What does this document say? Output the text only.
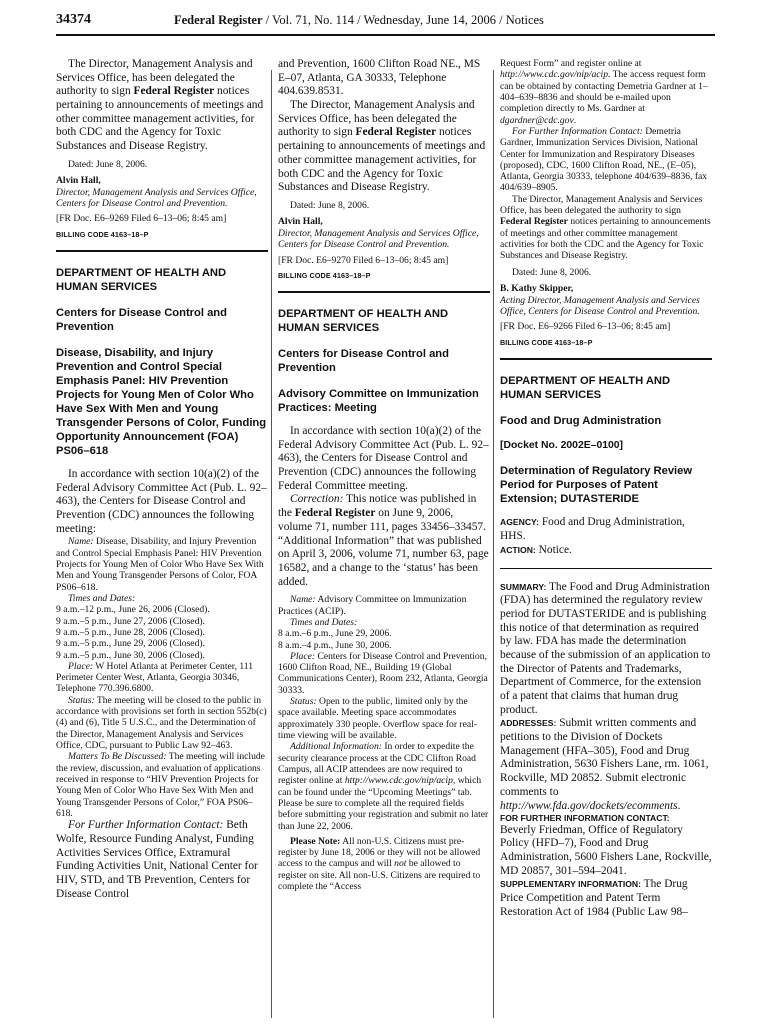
34374	Federal Register / Vol. 71, No. 114 / Wednesday, June 14, 2006 / Notices

The Director, Management Analysis and Services Office, has been delegated the authority to sign Federal Register notices pertaining to announcements of meetings and other committee management activities, for both CDC and the Agency for Toxic Substances and Disease Registry.

Dated: June 8, 2006.

Alvin Hall,

Director, Management Analysis and Services Office, Centers for Disease Control and Prevention.

[FR Doc. E6–9269 Filed 6–13–06; 8:45 am]

BILLING CODE 4163–18–P

DEPARTMENT OF HEALTH AND HUMAN SERVICES

Centers for Disease Control and Prevention

Disease, Disability, and Injury Prevention and Control Special Emphasis Panel: HIV Prevention Projects for Young Men of Color Who Have Sex With Men and Young Transgender Persons of Color, Funding Opportunity Announcement (FOA) PS06–618

In accordance with section 10(a)(2) of the Federal Advisory Committee Act (Pub. L. 92–463), the Centers for Disease Control and Prevention (CDC) announces the following meeting:

Name: Disease, Disability, and Injury Prevention and Control Special Emphasis Panel: HIV Prevention Projects for Young Men of Color Who Have Sex With Men and Young Transgender Persons of Color, FOA PS06–618.

Times and Dates:

9 a.m.–12 p.m., June 26, 2006 (Closed).

9 a.m.–5 p.m., June 27, 2006 (Closed).

9 a.m.–5 p.m., June 28, 2006 (Closed).

9 a.m.–5 p.m., June 29, 2006 (Closed).

9 a.m.–5 p.m., June 30, 2006 (Closed).

Place: W Hotel Atlanta at Perimeter Center, 111 Perimeter Center West, Atlanta, Georgia 30346, Telephone 770.396.6800.

Status: The meeting will be closed to the public in accordance with provisions set forth in section 552b(c)(4) and (6), Title 5 U.S.C., and the Determination of the Director, Management Analysis and Services Office, CDC, pursuant to Public Law 92–463.

Matters To Be Discussed: The meeting will include the review, discussion, and evaluation of applications received in response to “HIV Prevention Projects for Young Men of Color Who Have Sex With Men and Young Transgender Persons of Color,” FOA PS06–618.

For Further Information Contact: Beth Wolfe, Resource Funding Analyst, Funding Activities Services Office, Extramural Funding Activities Unit, National Center for HIV, STD, and TB Prevention, Centers for Disease Control

and Prevention, 1600 Clifton Road NE., MS E–07, Atlanta, GA 30333, Telephone 404.639.8531.

The Director, Management Analysis and Services Office, has been delegated the authority to sign Federal Register notices pertaining to announcements of meetings and other committee management activities, for both CDC and the Agency for Toxic Substances and Disease Registry.

Dated: June 8, 2006.

Alvin Hall,

Director, Management Analysis and Services Office, Centers for Disease Control and Prevention.

[FR Doc. E6–9270 Filed 6–13–06; 8:45 am]

BILLING CODE 4163–18–P

DEPARTMENT OF HEALTH AND HUMAN SERVICES

Centers for Disease Control and Prevention

Advisory Committee on Immunization Practices: Meeting

In accordance with section 10(a)(2) of the Federal Advisory Committee Act (Pub. L. 92–463), the Centers for Disease Control and Prevention (CDC) announces the following Federal Committee meeting.

Correction: This notice was published in the Federal Register on June 9, 2006, volume 71, number 111, pages 33456–33457. “Additional Information” that was published on April 3, 2006, volume 71, number 63, page 16582, and a change to the ‘status’ has been added.

Name: Advisory Committee on Immunization Practices (ACIP).

Times and Dates:

8 a.m.–6 p.m., June 29, 2006.

8 a.m.–4 p.m., June 30, 2006.

Place: Centers for Disease Control and Prevention, 1600 Clifton Road, NE., Building 19 (Global Communications Center), Room 232, Atlanta, Georgia 30333.

Status: Open to the public, limited only by the space available. Meeting space accommodates approximately 330 people. Overflow space for real-time viewing will be available.

Additional Information: In order to expedite the security clearance process at the CDC Clifton Road Campus, all ACIP attendees are now required to register online at http://www.cdc.gov/nip/acip, which can be found under the “Upcoming Meetings” tab. Please be sure to complete all the required fields before submitting your registration and submit no later than June 22, 2006.

Please Note: All non-U.S. Citizens must pre-register by June 18, 2006 or they will not be allowed access to the campus and will not be allowed to register on site. All non-U.S. Citizens are required to complete the “Access

Request Form” and register online at http://www.cdc.gov/nip/acip. The access request form can be obtained by contacting Demetria Gardner at 1–404–639–8836 and should be e-mailed upon completion directly to Ms. Gardner at dgardner@cdc.gov.

For Further Information Contact: Demetria Gardner, Immunization Services Division, National Center for Immunization and Respiratory Diseases (proposed), CDC, 1600 Clifton Road, NE., (E–05), Atlanta, Georgia 30333, telephone 404/639–8836, fax 404/639–8905.

The Director, Management Analysis and Services Office, has been delegated the authority to sign Federal Register notices pertaining to announcements of meetings and other committee management activities for both the CDC and the Agency for Toxic Substances and Disease Registry.

Dated: June 8, 2006.

B. Kathy Skipper,

Acting Director, Management Analysis and Services Office, Centers for Disease Control and Prevention.

[FR Doc. E6–9266 Filed 6–13–06; 8:45 am]

BILLING CODE 4163–18–P

DEPARTMENT OF HEALTH AND HUMAN SERVICES

Food and Drug Administration

[Docket No. 2002E–0100]

Determination of Regulatory Review Period for Purposes of Patent Extension; DUTASTERIDE

AGENCY: Food and Drug Administration, HHS.

ACTION: Notice.

SUMMARY: The Food and Drug Administration (FDA) has determined the regulatory review period for DUTASTERIDE and is publishing this notice of that determination as required by law. FDA has made the determination because of the submission of an application to the Director of Patents and Trademarks, Department of Commerce, for the extension of a patent that claims that human drug product.

ADDRESSES: Submit written comments and petitions to the Division of Dockets Management (HFA–305), Food and Drug Administration, 5630 Fishers Lane, rm. 1061, Rockville, MD 20852. Submit electronic comments to http://www.fda.gov/dockets/ecomments.

FOR FURTHER INFORMATION CONTACT:

Beverly Friedman, Office of Regulatory Policy (HFD–7), Food and Drug Administration, 5600 Fishers Lane, Rockville, MD 20857, 301–594–2041.

SUPPLEMENTARY INFORMATION: The Drug Price Competition and Patent Term Restoration Act of 1984 (Public Law 98–
